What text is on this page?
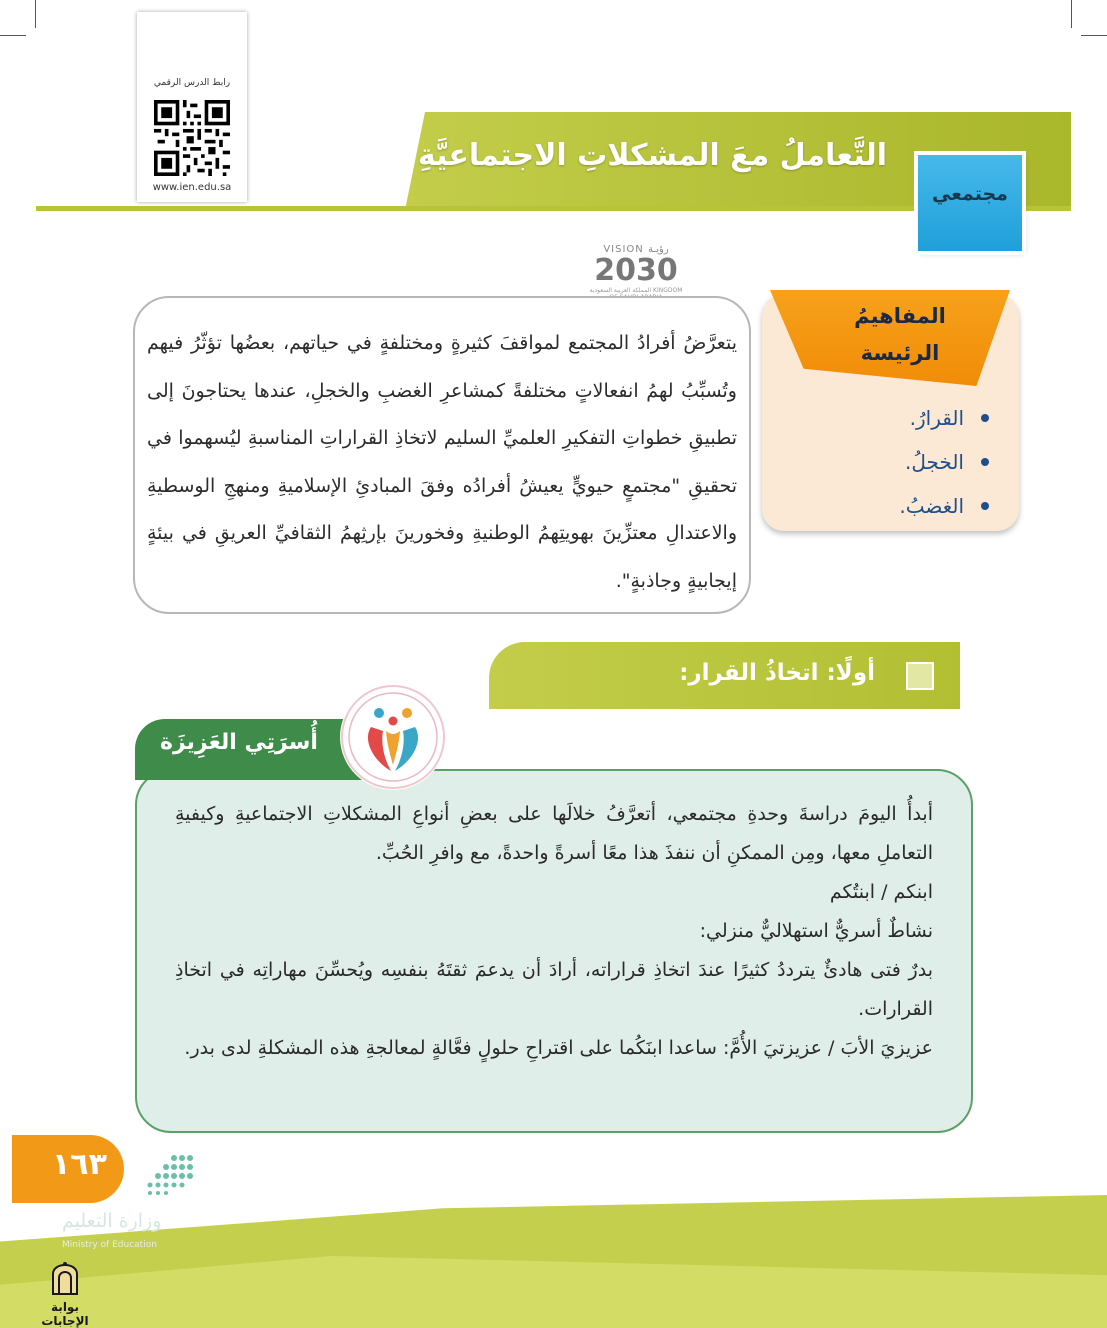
رابط الدرس الرقمي
www.ien.edu.sa
التَّعاملُ معَ المشكلاتِ الاجتماعيَّةِ
مجتمعي
VISION رؤيـة
2030
المملكة العربية السعودية KINGDOM
يتعرَّضُ أفرادُ المجتمع لمواقفَ كثيرةٍ ومختلفةٍ في حياتهم، بعضُها تؤثّرُ فيهم وتُسبِّبُ لهمُ انفعالاتٍ مختلفةً كمشاعرِ الغضبِ والخجلِ، عندها يحتاجونَ إلى تطبيقِ خطواتِ التفكيرِ العلميِّ السليم لاتخاذِ القراراتِ المناسبةِ ليُسهموا في تحقيقِ "مجتمعٍ حيويٍّ يعيشُ أفرادُه وفقَ المبادئِ الإسلاميةِ ومنهجِ الوسطيةِ والاعتدالِ معتزِّينَ بهويتِهمُ الوطنيةِ وفخورينَ بإرثِهمُ الثقافيِّ العريقِ في بيئةٍ إيجابيةٍ وجاذبةٍ".
المفاهيمُ
الرئيسة
القرارُ.
الخجلُ.
الغضبُ.
أولًا: اتخاذُ القرار:

أبدأُ اليومَ دراسةَ وحدةِ مجتمعي، أتعرَّفُ خلالَها على بعضِ أنواعِ المشكلاتِ الاجتماعيةِ وكيفيةِ التعاملِ معها، ومِن الممكنِ أن ننفذَ هذا معًا أسرةً واحدةً، مع وافرِ الحُبِّ.

ابنكم / ابنتُكم

نشاطٌ أسريٌّ استهلاليٌّ منزلي:

بدرٌ فتى هادئٌ يترددُ كثيرًا عندَ اتخاذِ قراراته، أرادَ أن يدعمَ ثقتَهُ بنفسِه ويُحسِّنَ مهاراتِه في اتخاذِ القرارات.

عزيزيَ الأبَ / عزيزتيَ الأُمَّ: ساعدا ابنَكُما على اقتراحِ حلولٍ فعَّالةٍ لمعالجةِ هذه المشكلةِ لدى بدر.

أُسرَتِي العَزِيزَة
١٦٣
وزارة التعليم
Ministry of Education
بوابة الإجابات
